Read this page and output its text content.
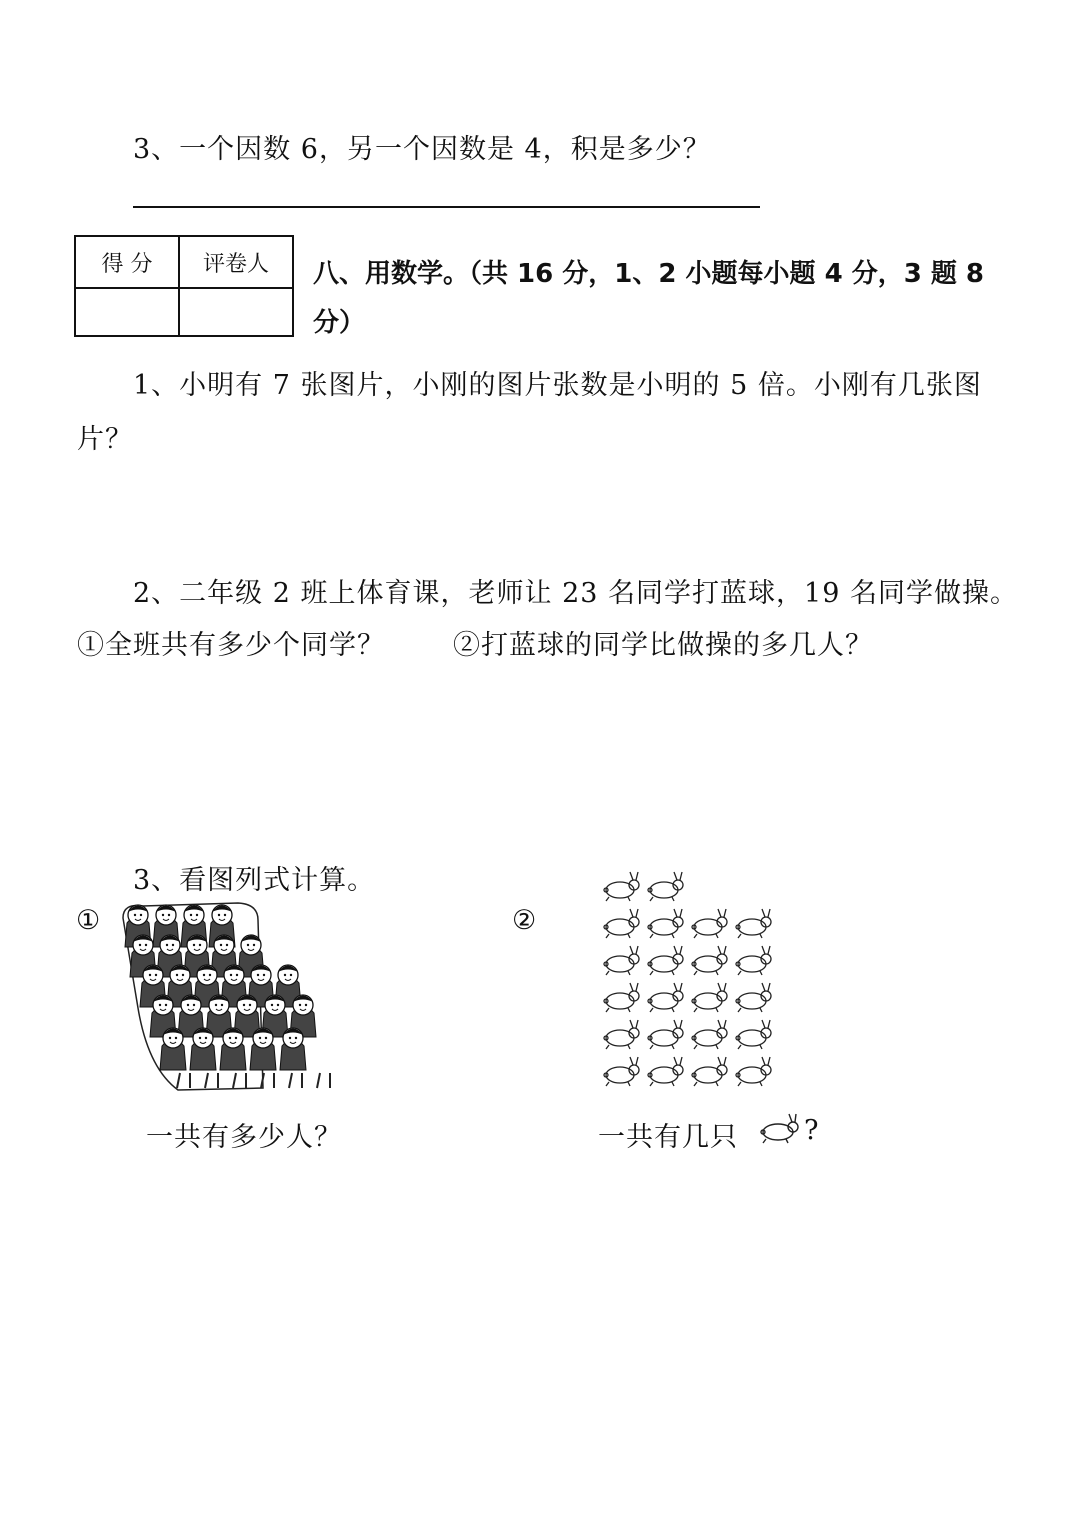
3、一个因数 6，另一个因数是 4，积是多少？
得 分	评卷人
	八、用数学。（共 16 分，1、2 小题每小题 4 分，3 题 8
分）
1、小明有 7 张图片，小刚的图片张数是小明的 5 倍。小刚有几张图
片？
2、二年级 2 班上体育课，老师让 23 名同学打蓝球，19 名同学做操。
①全班共有多少个同学？	②打蓝球的同学比做操的多几人？
3、看图列式计算。
①	②
一共有多少人？	一共有几只 ?
